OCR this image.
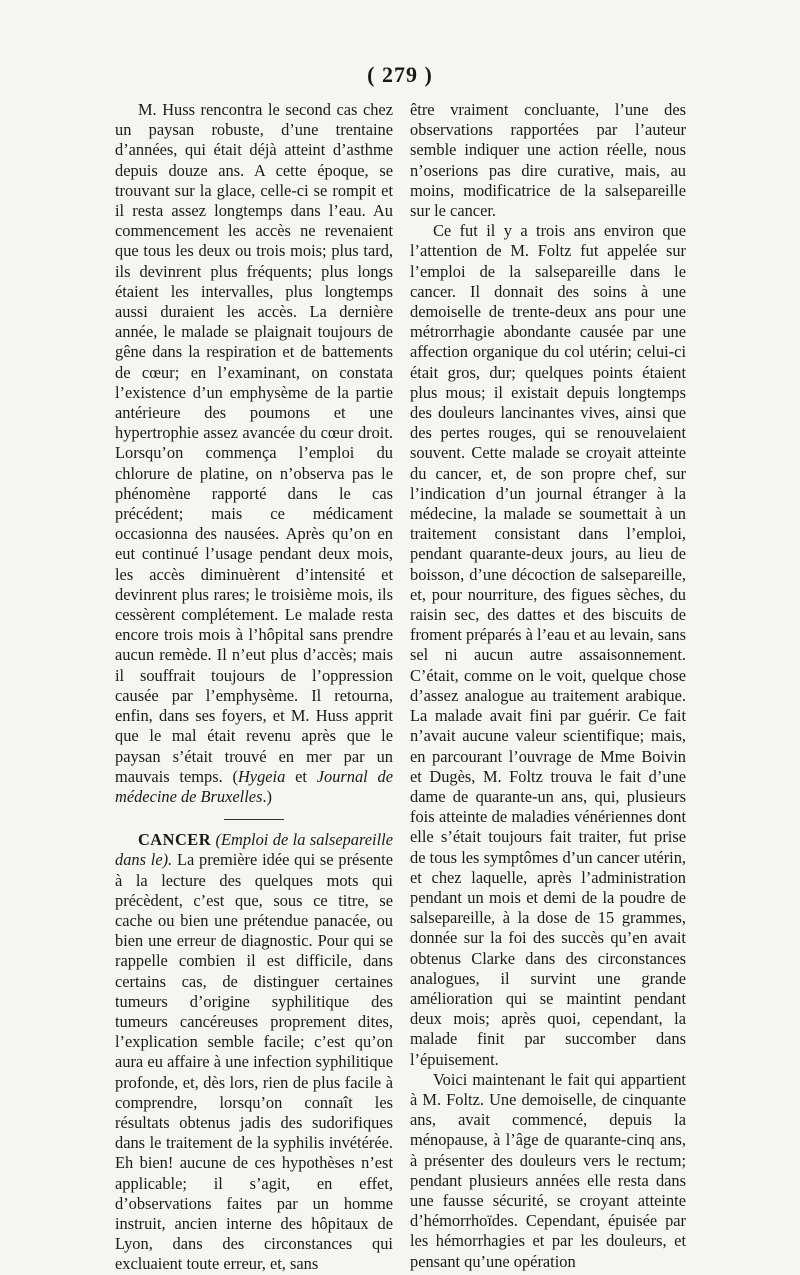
( 279 )

M. Huss rencontra le second cas chez un paysan robuste, d’une trentaine d’années, qui était déjà atteint d’asthme depuis douze ans. A cette époque, se trouvant sur la glace, celle-ci se rompit et il resta assez longtemps dans l’eau. Au commencement les accès ne revenaient que tous les deux ou trois mois; plus tard, ils devinrent plus fréquents; plus longs étaient les intervalles, plus longtemps aussi duraient les accès. La dernière année, le malade se plaignait toujours de gêne dans la respiration et de battements de cœur; en l’examinant, on constata l’existence d’un emphysème de la partie antérieure des poumons et une hypertrophie assez avancée du cœur droit. Lorsqu’on commença l’emploi du chlorure de platine, on n’observa pas le phénomène rapporté dans le cas précédent; mais ce médicament occasionna des nausées. Après qu’on en eut continué l’usage pendant deux mois, les accès diminuèrent d’intensité et devinrent plus rares; le troisième mois, ils cessèrent complétement. Le malade resta encore trois mois à l’hôpital sans prendre aucun remède. Il n’eut plus d’accès; mais il souffrait toujours de l’oppression causée par l’emphysème. Il retourna, enfin, dans ses foyers, et M. Huss apprit que le mal était revenu après que le paysan s’était trouvé en mer par un mauvais temps. (Hygeia et Journal de médecine de Bruxelles.)

CANCER (Emploi de la salsepareille dans le). La première idée qui se présente à la lecture des quelques mots qui précèdent, c’est que, sous ce titre, se cache ou bien une prétendue panacée, ou bien une erreur de diagnostic. Pour qui se rappelle combien il est difficile, dans certains cas, de distinguer certaines tumeurs d’origine syphilitique des tumeurs cancéreuses proprement dites, l’explication semble facile; c’est qu’on aura eu affaire à une infection syphilitique profonde, et, dès lors, rien de plus facile à comprendre, lorsqu’on connaît les résultats obtenus jadis des sudorifiques dans le traitement de la syphilis invétérée. Eh bien! aucune de ces hypothèses n’est applicable; il s’agit, en effet, d’observations faites par un homme instruit, ancien interne des hôpitaux de Lyon, dans des circonstances qui excluaient toute erreur, et, sans

être vraiment concluante, l’une des observations rapportées par l’auteur semble indiquer une action réelle, nous n’oserions pas dire curative, mais, au moins, modificatrice de la salsepareille sur le cancer.

Ce fut il y a trois ans environ que l’attention de M. Foltz fut appelée sur l’emploi de la salsepareille dans le cancer. Il donnait des soins à une demoiselle de trente-deux ans pour une métrorrhagie abondante causée par une affection organique du col utérin; celui-ci était gros, dur; quelques points étaient plus mous; il existait depuis longtemps des douleurs lancinantes vives, ainsi que des pertes rouges, qui se renouvelaient souvent. Cette malade se croyait atteinte du cancer, et, de son propre chef, sur l’indication d’un journal étranger à la médecine, la malade se soumettait à un traitement consistant dans l’emploi, pendant quarante-deux jours, au lieu de boisson, d’une décoction de salsepareille, et, pour nourriture, des figues sèches, du raisin sec, des dattes et des biscuits de froment préparés à l’eau et au levain, sans sel ni aucun autre assaisonnement. C’était, comme on le voit, quelque chose d’assez analogue au traitement arabique. La malade avait fini par guérir. Ce fait n’avait aucune valeur scientifique; mais, en parcourant l’ouvrage de Mme Boivin et Dugès, M. Foltz trouva le fait d’une dame de quarante-un ans, qui, plusieurs fois atteinte de maladies vénériennes dont elle s’était toujours fait traiter, fut prise de tous les symptômes d’un cancer utérin, et chez laquelle, après l’administration pendant un mois et demi de la poudre de salsepareille, à la dose de 15 grammes, donnée sur la foi des succès qu’en avait obtenus Clarke dans des circonstances analogues, il survint une grande amélioration qui se maintint pendant deux mois; après quoi, cependant, la malade finit par succomber dans l’épuisement.

Voici maintenant le fait qui appartient à M. Foltz. Une demoiselle, de cinquante ans, avait commencé, depuis la ménopause, à l’âge de quarante-cinq ans, à présenter des douleurs vers le rectum; pendant plusieurs années elle resta dans une fausse sécurité, se croyant atteinte d’hémorrhoïdes. Cependant, épuisée par les hémorrhagies et par les douleurs, et pensant qu’une opération
